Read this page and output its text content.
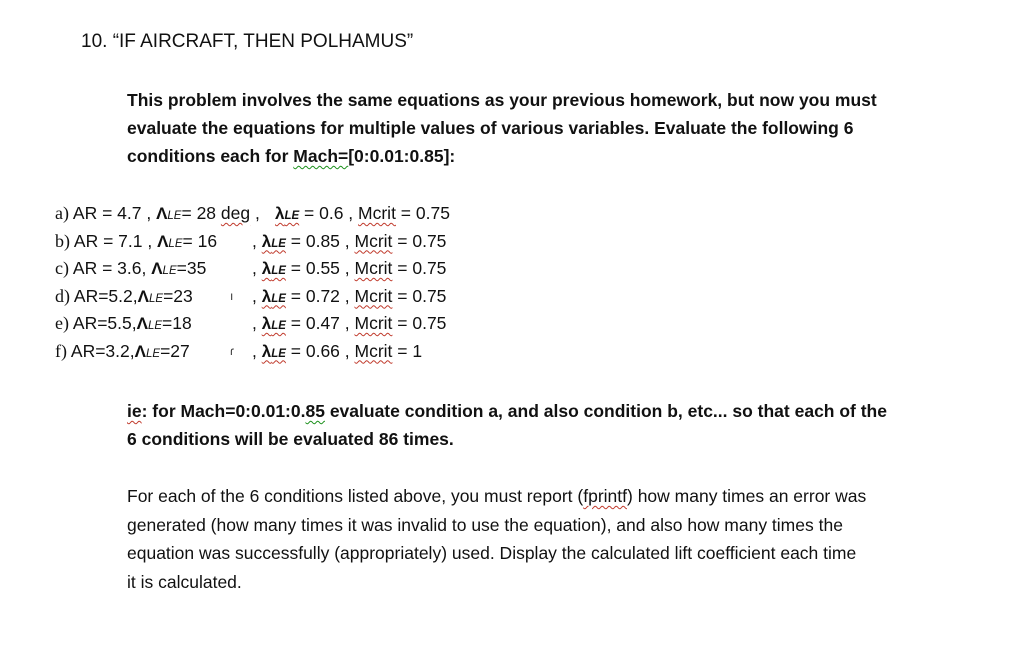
10. “IF AIRCRAFT, THEN POLHAMUS”

This problem involves the same equations as your previous homework, but now you must

evaluate the equations for multiple values of various variables. Evaluate the following 6

conditions each for Mach=[0:0.01:0.85]:

a) AR = 4.7 , ΛLE= 28 deg , λLE = 0.6 , Mcrit = 0.75
b) AR = 7.1 , ΛLE= 16 , λLE = 0.85 , Mcrit = 0.75
c) AR = 3.6, ΛLE=35	, λLE = 0.55 , Mcrit = 0.75
d) AR=5.2,ΛLE=23	ı , λLE = 0.72 , Mcrit = 0.75
e) AR=5.5,ΛLE=18	, λLE = 0.47 , Mcrit = 0.75
f) AR=3.2,ΛLE=27	ɾ , λLE = 0.66 , Mcrit = 1

ie: for Mach=0:0.01:0.85 evaluate condition a, and also condition b, etc... so that each of the

6 conditions will be evaluated 86 times.

For each of the 6 conditions listed above, you must report (fprintf) how many times an error was

generated (how many times it was invalid to use the equation), and also how many times the

equation was successfully (appropriately) used. Display the calculated lift coefficient each time

it is calculated.
